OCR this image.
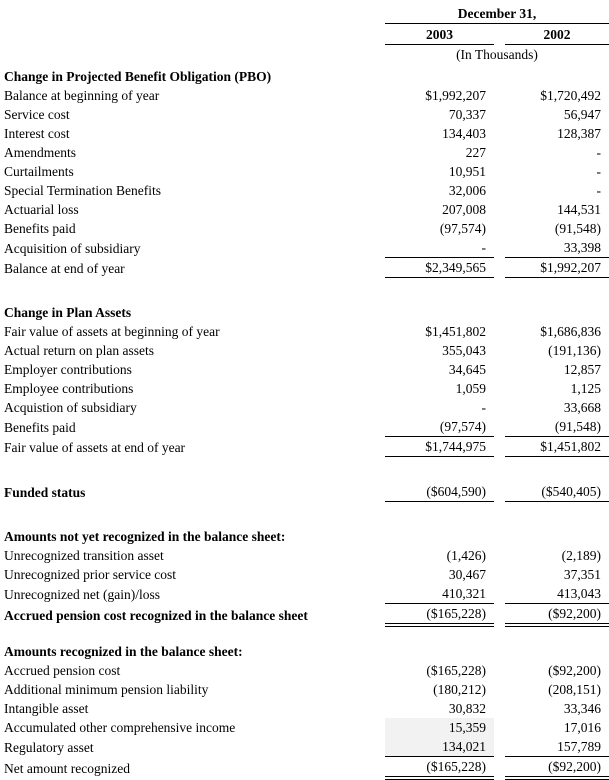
	December 31,		
	2003		2002
	(In Thousands)		
Change in Projected Benefit Obligation (PBO)			
Balance at beginning of year	$1,992,207		$1,720,492
Service cost	70,337		56,947
Interest cost	134,403		128,387
Amendments	227		-
Curtailments	10,951		-
Special Termination Benefits	32,006		-
Actuarial loss	207,008		144,531
Benefits paid	(97,574)		(91,548)
Acquisition of subsidiary	-		33,398
Balance at end of year	$2,349,565		$1,992,207

Change in Plan Assets			
Fair value of assets at beginning of year	$1,451,802		$1,686,836
Actual return on plan assets	355,043		(191,136)
Employer contributions	34,645		12,857
Employee contributions	1,059		1,125
Acquistion of subsidiary	-		33,668
Benefits paid	(97,574)		(91,548)
Fair value of assets at end of year	$1,744,975		$1,451,802

Funded status	($604,590)		($540,405)

Amounts not yet recognized in the balance sheet:			
Unrecognized transition asset	(1,426)		(2,189)
Unrecognized prior service cost	30,467		37,351
Unrecognized net (gain)/loss	410,321		413,043
Accrued pension cost recognized in the balance sheet	($165,228)		($92,200)

Amounts recognized in the balance sheet:			
Accrued pension cost	($165,228)		($92,200)
Additional minimum pension liability	(180,212)		(208,151)
Intangible asset	30,832		33,346
Accumulated other comprehensive income	15,359		17,016
Regulatory asset	134,021		157,789
Net amount recognized	($165,228)		($92,200)
